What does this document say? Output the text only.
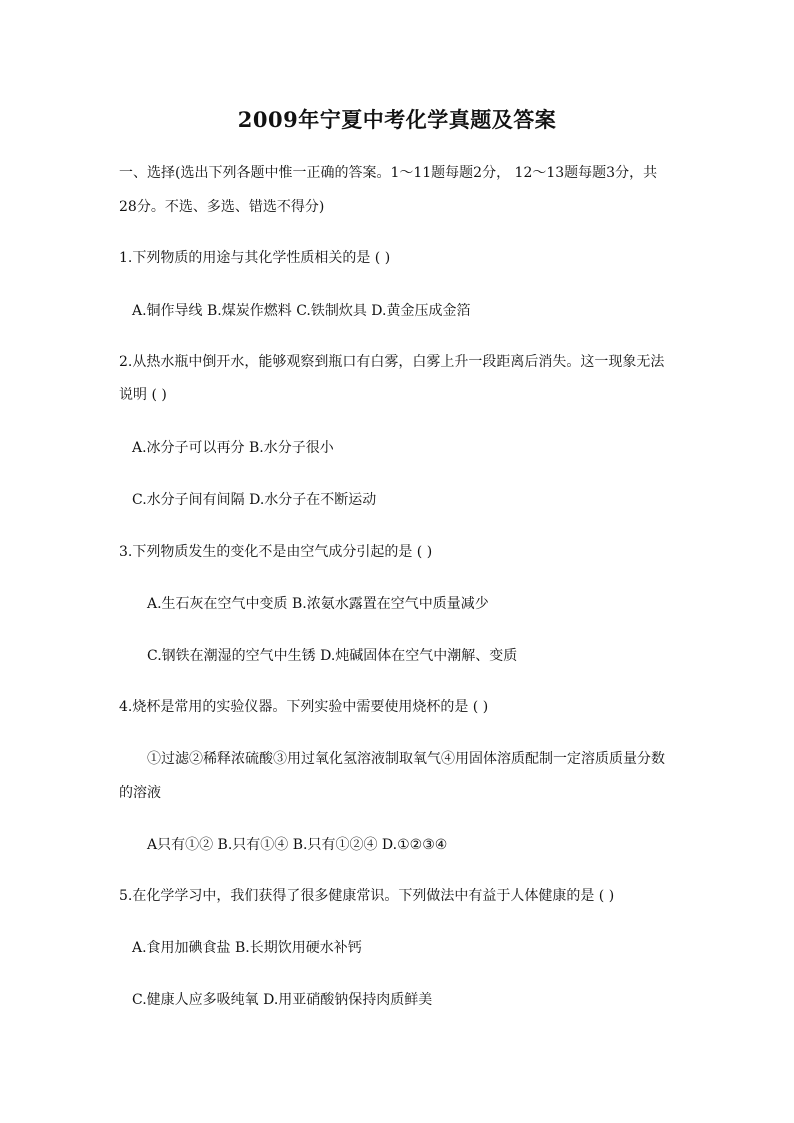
2009年宁夏中考化学真题及答案
一、选择(选出下列各题中惟一正确的答案。1～11题每题2分， 12～13题每题3分，共
28分。不选、多选、错选不得分)
1.下列物质的用途与其化学性质相关的是 ( )
A.铜作导线 B.煤炭作燃料 C.铁制炊具 D.黄金压成金箔
2.从热水瓶中倒开水，能够观察到瓶口有白雾，白雾上升一段距离后消失。这一现象无法
说明 ( )
A.冰分子可以再分 B.水分子很小
C.水分子间有间隔 D.水分子在不断运动
3.下列物质发生的变化不是由空气成分引起的是 ( )
A.生石灰在空气中变质 B.浓氨水露置在空气中质量减少
C.钢铁在潮湿的空气中生锈 D.炖碱固体在空气中潮解、变质
4.烧杯是常用的实验仪器。下列实验中需要使用烧杯的是 ( )
①过滤②稀释浓硫酸③用过氧化氢溶液制取氧气④用固体溶质配制一定溶质质量分数
的溶液
A只有①② B.只有①④ B.只有①②④ D.①②③④
5.在化学学习中，我们获得了很多健康常识。下列做法中有益于人体健康的是 ( )
A.食用加碘食盐 B.长期饮用硬水补钙
C.健康人应多吸纯氧 D.用亚硝酸钠保持肉质鲜美
